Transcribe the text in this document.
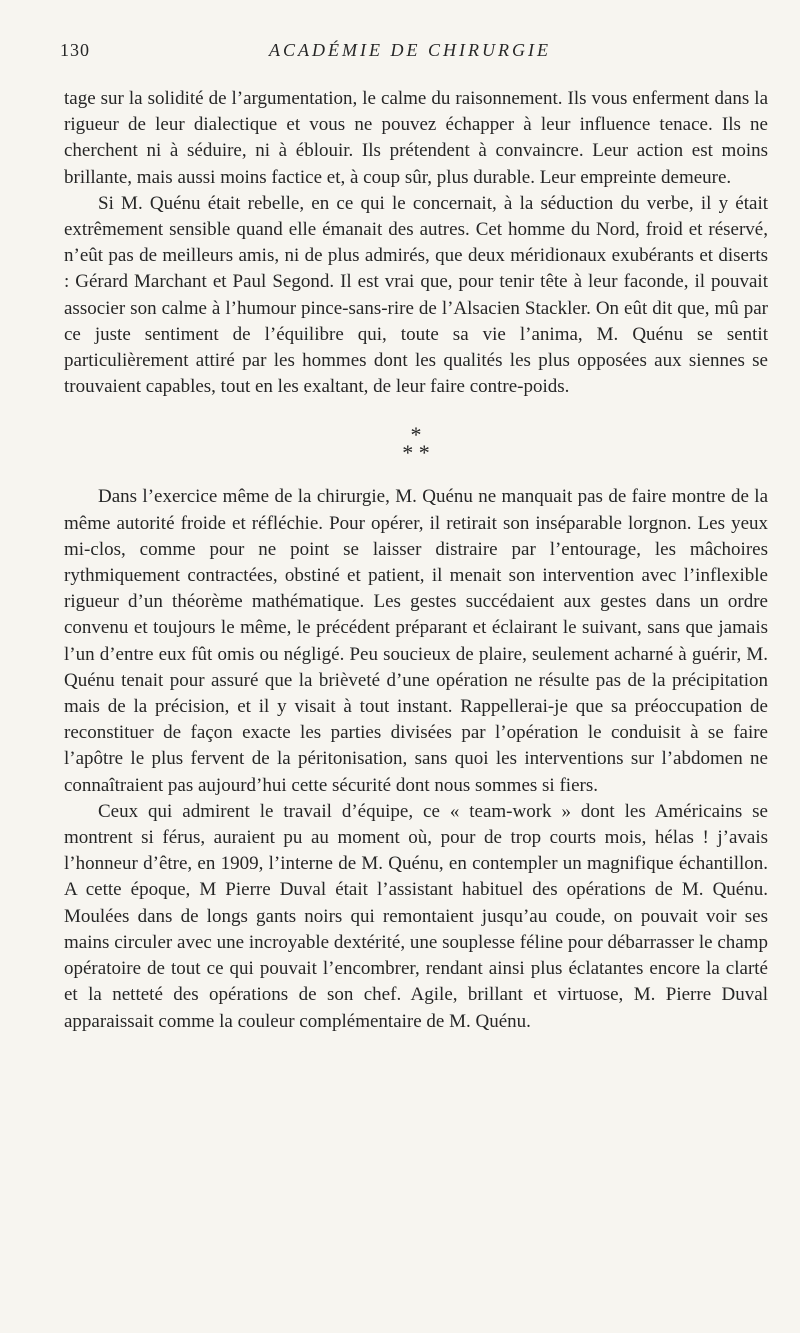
130	ACADÉMIE DE CHIRURGIE

tage sur la solidité de l’argumentation, le calme du raisonnement. Ils vous enferment dans la rigueur de leur dialectique et vous ne pouvez échapper à leur influence tenace. Ils ne cherchent ni à séduire, ni à éblouir. Ils prétendent à convaincre. Leur action est moins brillante, mais aussi moins factice et, à coup sûr, plus durable. Leur empreinte demeure.

Si M. Quénu était rebelle, en ce qui le concernait, à la séduction du verbe, il y était extrêmement sensible quand elle émanait des autres. Cet homme du Nord, froid et réservé, n’eût pas de meilleurs amis, ni de plus admirés, que deux méridionaux exubérants et diserts : Gérard Marchant et Paul Segond. Il est vrai que, pour tenir tête à leur faconde, il pouvait associer son calme à l’humour pince-sans-rire de l’Alsacien Stackler. On eût dit que, mû par ce juste sentiment de l’équilibre qui, toute sa vie l’anima, M. Quénu se sentit particulièrement attiré par les hommes dont les qualités les plus opposées aux siennes se trouvaient capables, tout en les exaltant, de leur faire contre-poids.

*
* *

Dans l’exercice même de la chirurgie, M. Quénu ne manquait pas de faire montre de la même autorité froide et réfléchie. Pour opérer, il retirait son inséparable lorgnon. Les yeux mi-clos, comme pour ne point se laisser distraire par l’entourage, les mâchoires rythmiquement contractées, obstiné et patient, il menait son intervention avec l’inflexible rigueur d’un théorème mathématique. Les gestes succédaient aux gestes dans un ordre convenu et toujours le même, le précédent préparant et éclairant le suivant, sans que jamais l’un d’entre eux fût omis ou négligé. Peu soucieux de plaire, seulement acharné à guérir, M. Quénu tenait pour assuré que la brièveté d’une opération ne résulte pas de la précipitation mais de la précision, et il y visait à tout instant. Rappellerai-je que sa préoccupation de reconstituer de façon exacte les parties divisées par l’opération le conduisit à se faire l’apôtre le plus fervent de la péritonisation, sans quoi les interventions sur l’abdomen ne connaîtraient pas aujourd’hui cette sécurité dont nous sommes si fiers.

Ceux qui admirent le travail d’équipe, ce « team-work » dont les Américains se montrent si férus, auraient pu au moment où, pour de trop courts mois, hélas ! j’avais l’honneur d’être, en 1909, l’interne de M. Quénu, en contempler un magnifique échantillon. A cette époque, M Pierre Duval était l’assistant habituel des opérations de M. Quénu. Moulées dans de longs gants noirs qui remontaient jusqu’au coude, on pouvait voir ses mains circuler avec une incroyable dextérité, une souplesse féline pour débarrasser le champ opératoire de tout ce qui pouvait l’encombrer, rendant ainsi plus éclatantes encore la clarté et la netteté des opérations de son chef. Agile, brillant et virtuose, M. Pierre Duval apparaissait comme la couleur complémentaire de M. Quénu.
